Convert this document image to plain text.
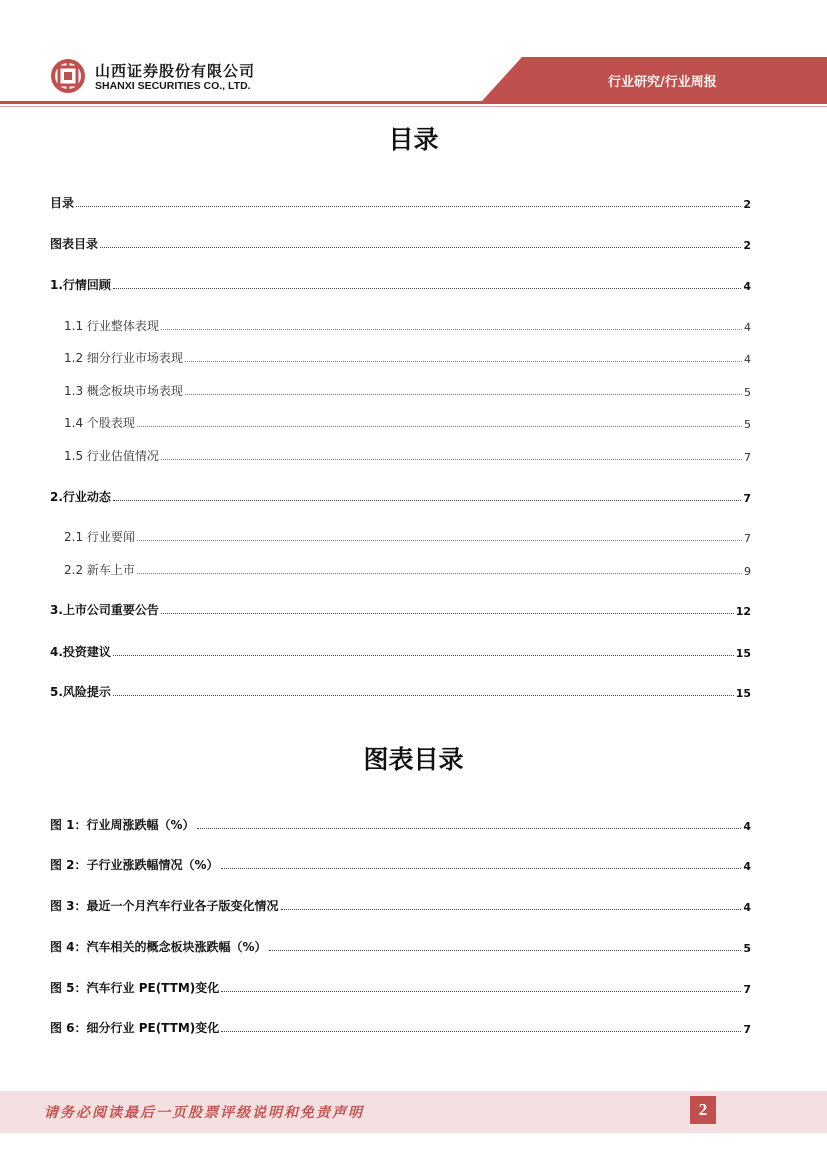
山西证券股份有限公司
SHANXI SECURITIES CO., LTD.	行业研究/行业周报
目录
目录	2
图表目录	2
1.行情回顾	4
1.1 行业整体表现	4
1.2 细分行业市场表现	4
1.3 概念板块市场表现	5
1.4 个股表现	5
1.5 行业估值情况	7
2.行业动态	7
2.1 行业要闻	7
2.2 新车上市	9
3.上市公司重要公告	12
4.投资建议	15
5.风险提示	15
图表目录
图 1：行业周涨跌幅（%）	4
图 2：子行业涨跌幅情况（%）	4
图 3：最近一个月汽车行业各子版变化情况	4
图 4：汽车相关的概念板块涨跌幅（%）	5
图 5：汽车行业 PE(TTM)变化	7
图 6：细分行业 PE(TTM)变化	7
请务必阅读最后一页股票评级说明和免责声明	2
